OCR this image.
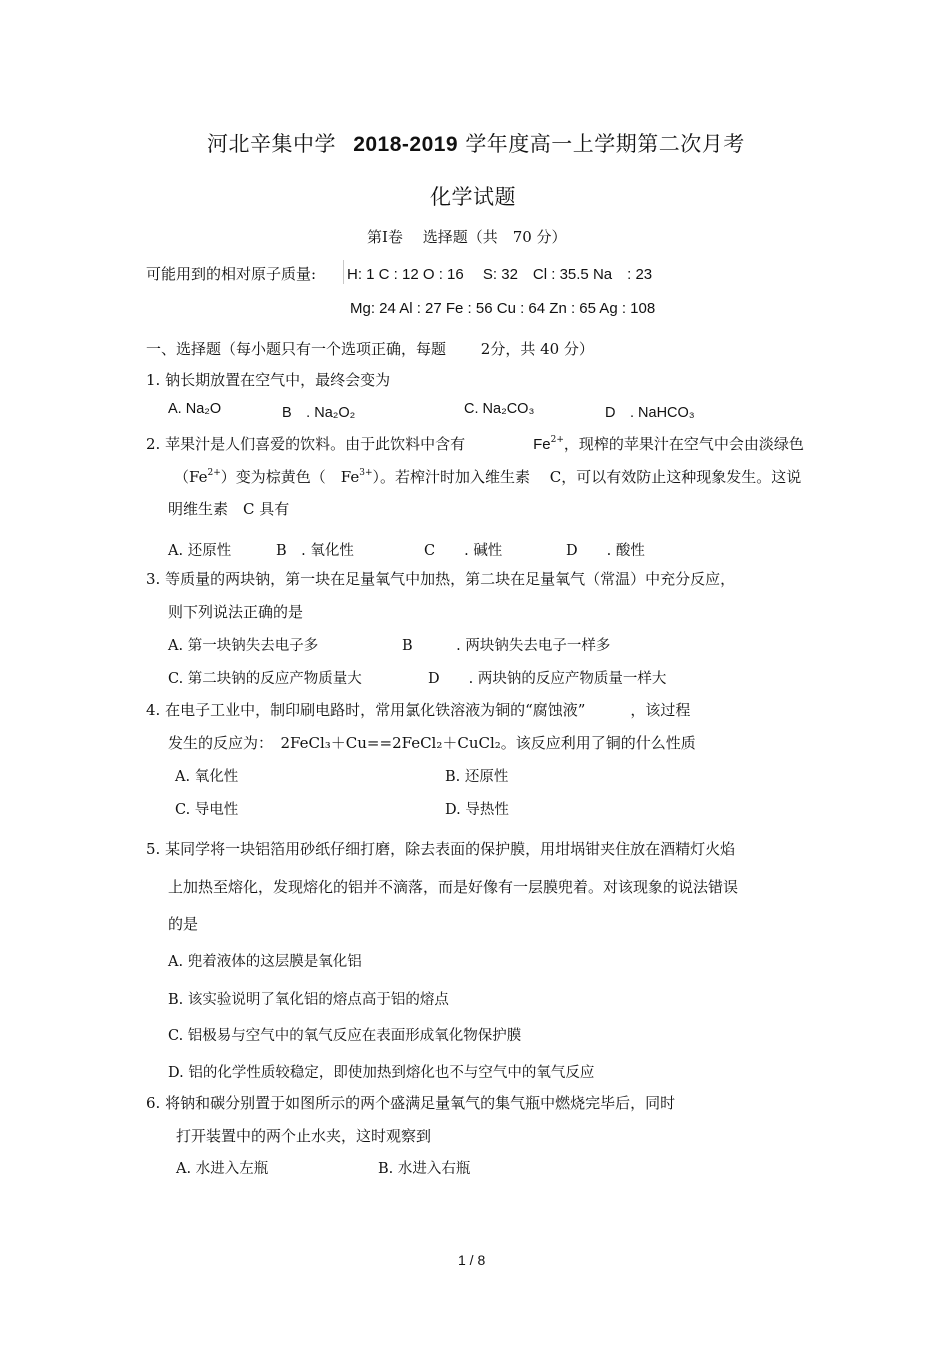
河北辛集中学 2018-2019 学年度高一上学期第二次月考
化学试题
第Ⅰ卷　 选择题（共　70 分）
可能用到的相对原子质量: H: 1 C : 12 O : 16　 S: 32　Cl : 35.5 Na　: 23
Mg: 24 Al : 27 Fe : 56 Cu : 64 Zn : 65 Ag : 108
一、选择题（每小题只有一个选项正确，每题　　 2分，共 40 分）
1. 钠长期放置在空气中，最终会变为
A. Na₂O	B　. Na₂O₂	C. Na₂CO₃	D　. NaHCO₃
2. 苹果汁是人们喜爱的饮料。由于此饮料中含有	$Fe^{2+}$，现榨的苹果汁在空气中会由淡绿色
$(Fe^{2+})$变为棕黄色（　$Fe^{3+}$）。若榨汁时加入维生素　 C，可以有效防止这种现象发生。这说
明维生素　C 具有
A. 还原性	B　. 氧化性	C　　. 碱性	D　　. 酸性
3. 等质量的两块钠，第一块在足量氧气中加热，第二块在足量氧气（常温）中充分反应，
则下列说法正确的是
A. 第一块钠失去电子多	B　　　. 两块钠失去电子一样多
C. 第二块钠的反应产物质量大	D　　. 两块钠的反应产物质量一样大
4. 在电子工业中，制印刷电路时，常用氯化铁溶液为铜的“腐蚀液”　　　，该过程
发生的反应为：　2FeCl₃＋Cu==2FeCl₂＋CuCl₂。该反应利用了铜的什么性质
A. 氧化性	B. 还原性
C. 导电性	D. 导热性
5. 某同学将一块铝箔用砂纸仔细打磨，除去表面的保护膜，用坩埚钳夹住放在酒精灯火焰
上加热至熔化，发现熔化的铝并不滴落，而是好像有一层膜兜着。对该现象的说法错误
的是
A. 兜着液体的这层膜是氧化铝
B. 该实验说明了氧化铝的熔点高于铝的熔点
C. 铝极易与空气中的氧气反应在表面形成氧化物保护膜
D. 铝的化学性质较稳定，即使加热到熔化也不与空气中的氧气反应
6. 将钠和碳分别置于如图所示的两个盛满足量氧气的集气瓶中燃烧完毕后，同时
打开装置中的两个止水夹，这时观察到
A. 水进入左瓶	B. 水进入右瓶
1 / 8
